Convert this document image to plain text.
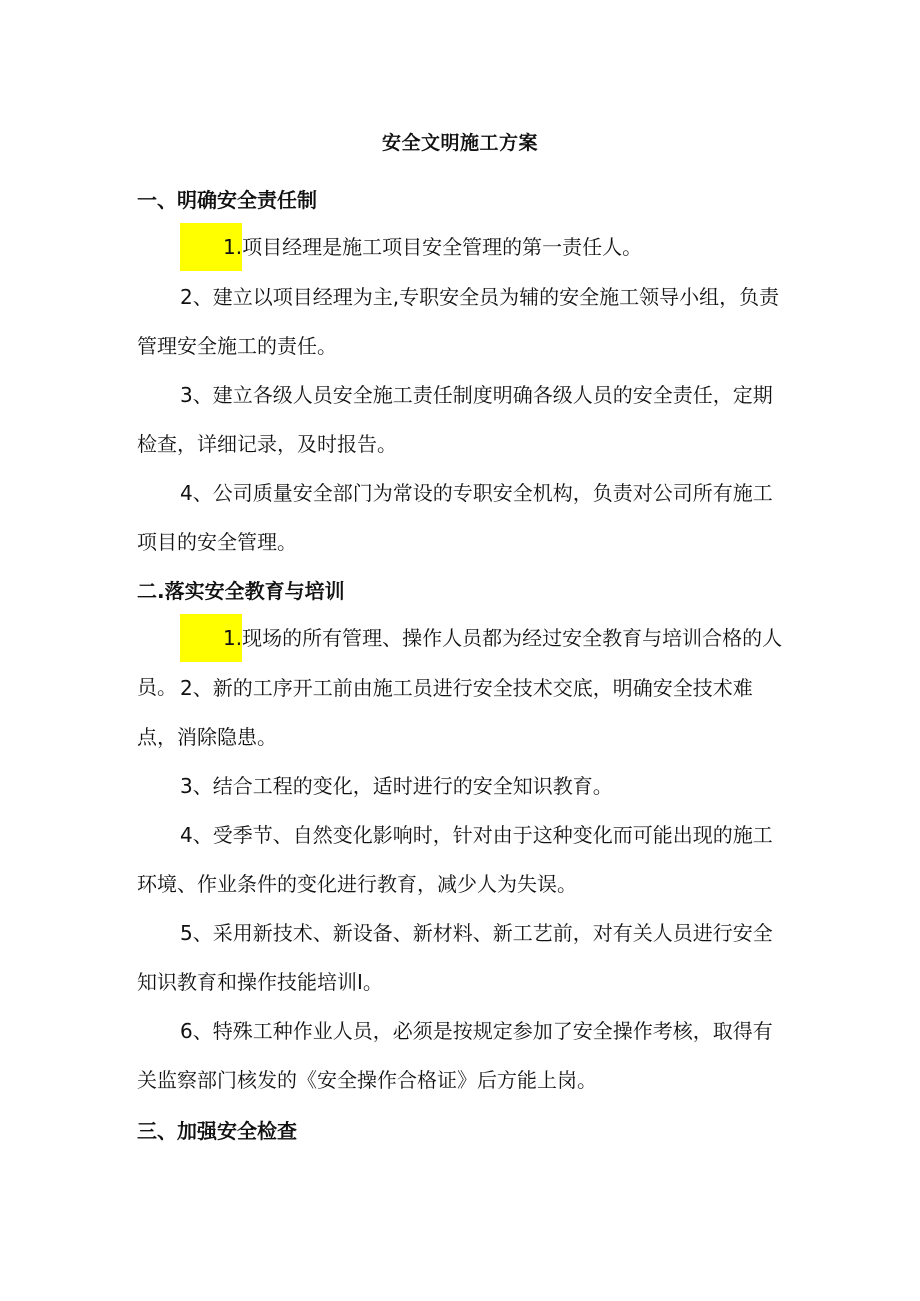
安全文明施工方案
一、明确安全责任制

1.项目经理是施工项目安全管理的第一责任人。

2、建立以项目经理为主,专职安全员为辅的安全施工领导小组，负责管理安全施工的责任。

3、建立各级人员安全施工责任制度明确各级人员的安全责任，定期检查，详细记录，及时报告。

4、公司质量安全部门为常设的专职安全机构，负责对公司所有施工项目的安全管理。

二.落实安全教育与培训

1.现场的所有管理、操作人员都为经过安全教育与培训合格的人员。 2、新的工序开工前由施工员进行安全技术交底，明确安全技术难点，消除隐患。

3、结合工程的变化，适时进行的安全知识教育。

4、受季节、自然变化影响时，针对由于这种变化而可能出现的施工环境、作业条件的变化进行教育，减少人为失误。

5、采用新技术、新设备、新材料、新工艺前，对有关人员进行安全知识教育和操作技能培训I。

6、特殊工种作业人员，必须是按规定参加了安全操作考核，取得有关监察部门核发的《安全操作合格证》后方能上岗。

三、加强安全检查
